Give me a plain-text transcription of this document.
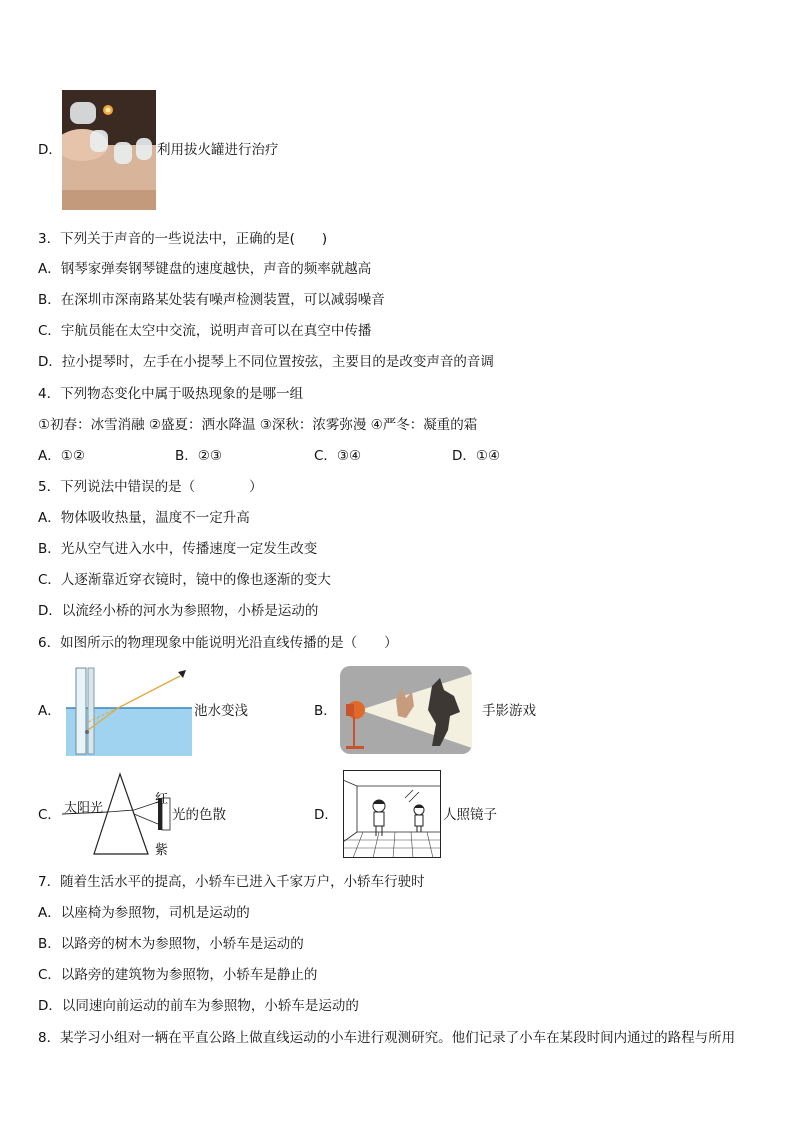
D．	利用拔火罐进行治疗
3．下列关于声音的一些说法中，正确的是(　　)
A．钢琴家弹奏钢琴键盘的速度越快，声音的频率就越高
B．在深圳市深南路某处装有噪声检测装置，可以减弱噪音
C．宇航员能在太空中交流，说明声音可以在真空中传播
D．拉小提琴时，左手在小提琴上不同位置按弦，主要目的是改变声音的音调
4．下列物态变化中属于吸热现象的是哪一组
①初春：冰雪消融 ②盛夏：洒水降温 ③深秋：浓雾弥漫 ④严冬：凝重的霜
A．①②	B．②③	C．③④	D．①④
5．下列说法中错误的是（　　　　）
A．物体吸收热量，温度不一定升高
B．光从空气进入水中，传播速度一定发生改变
C．人逐渐靠近穿衣镜时，镜中的像也逐渐的变大
D．以流经小桥的河水为参照物，小桥是运动的
6．如图所示的物理现象中能说明光沿直线传播的是（　　）
A．	池水变浅	B．	手影游戏
C． 太阳光
红
紫
光的色散	D．	人照镜子
7．随着生活水平的提高，小轿车已进入千家万户，小轿车行驶时
A．以座椅为参照物，司机是运动的
B．以路旁的树木为参照物，小轿车是运动的
C．以路旁的建筑物为参照物，小轿车是静止的
D．以同速向前运动的前车为参照物，小轿车是运动的
8．某学习小组对一辆在平直公路上做直线运动的小车进行观测研究。他们记录了小车在某段时间内通过的路程与所用
